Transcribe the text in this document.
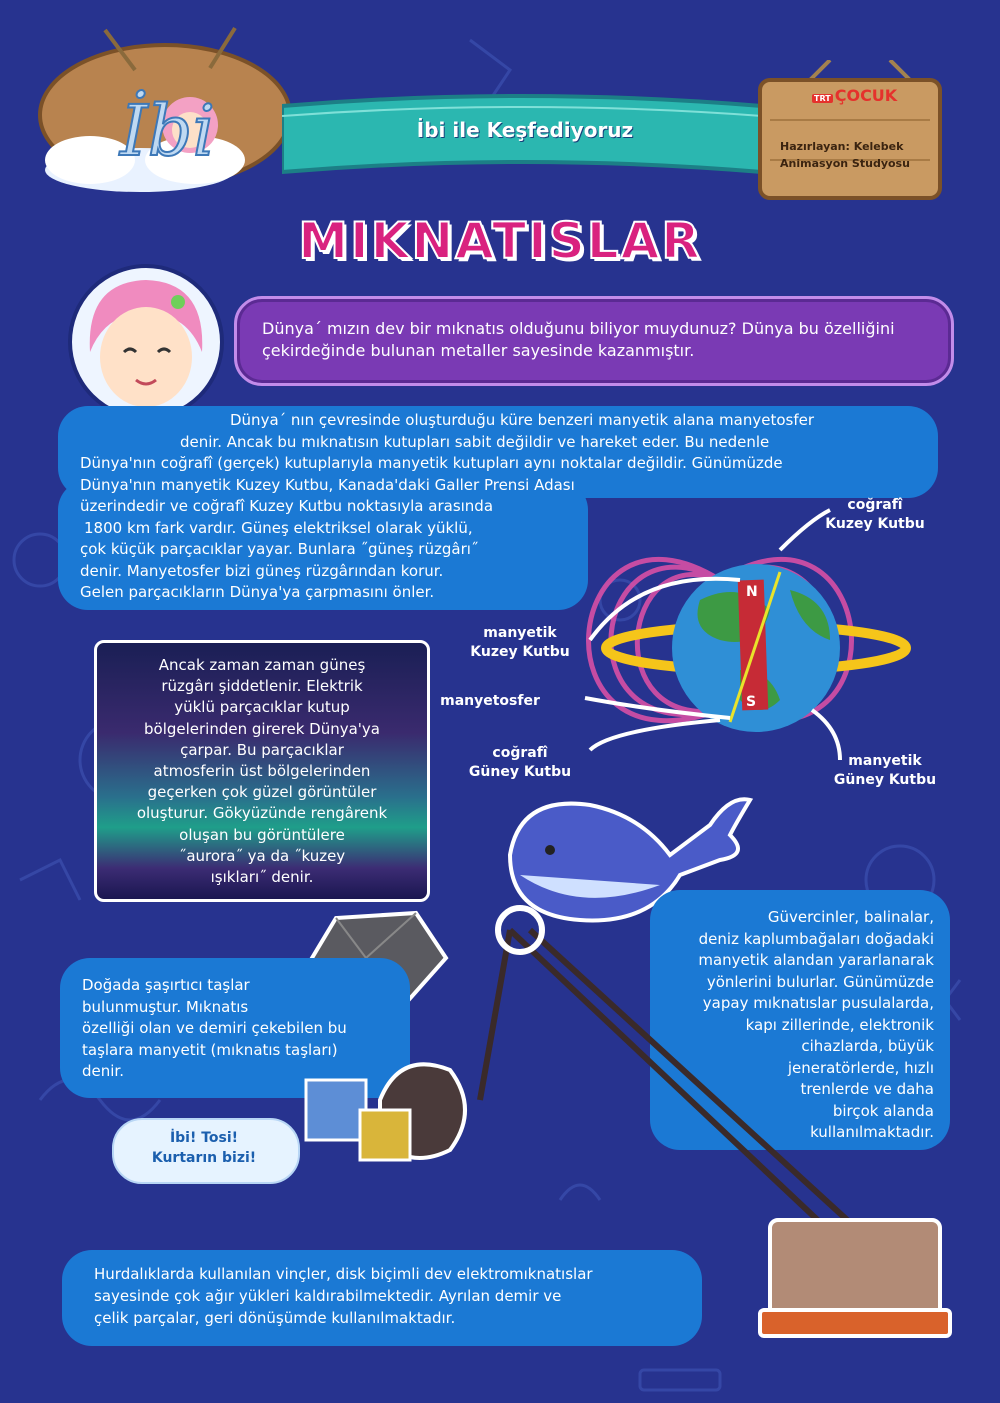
İbi	İbi ile Keşfediyoruz
TRT ÇOCUK
Hazırlayan: Kelebek
Animasyon Studyosu
MIKNATISLAR
Dünya´ mızın dev bir mıknatıs olduğunu biliyor muydunuz? Dünya bu özelliğini
çekirdeğinde bulunan metaller sayesinde kazanmıştır.
Dünya´ nın çevresinde oluşturduğu küre benzeri manyetik alana manyetosfer
denir. Ancak bu mıknatısın kutupları sabit değildir ve hareket eder. Bu nedenle
Dünya'nın coğrafî (gerçek) kutuplarıyla manyetik kutupları aynı noktalar değildir. Günümüzde
Dünya'nın manyetik Kuzey Kutbu, Kanada'daki Galler Prensi Adası
üzerindedir ve coğrafî Kuzey Kutbu noktasıyla arasında
1800 km fark vardır. Güneş elektriksel olarak yüklü,
çok küçük parçacıklar yayar. Bunlara ˝güneş rüzgârı˝
denir. Manyetosfer bizi güneş rüzgârından korur.
Gelen parçacıkların Dünya'ya çarpmasını önler.	N
S
coğrafî
Kuzey Kutbu
manyetik
Kuzey Kutbu
manyetosfer
coğrafî
Güney Kutbu
manyetik
Güney Kutbu
Ancak zaman zaman güneş
rüzgârı şiddetlenir. Elektrik
yüklü parçacıklar kutup
bölgelerinden girerek Dünya'ya
çarpar. Bu parçacıklar
atmosferin üst bölgelerinden
geçerken çok güzel görüntüler
oluşturur. Gökyüzünde rengârenk
oluşan bu görüntülere
˝aurora˝ ya da ˝kuzey
ışıkları˝ denir.
Güvercinler, balinalar,
deniz kaplumbağaları doğadaki
manyetik alandan yararlanarak
yönlerini bulurlar. Günümüzde
yapay mıknatıslar pusulalarda,
kapı zillerinde, elektronik
cihazlarda, büyük
jeneratörlerde, hızlı
trenlerde ve daha
birçok alanda
kullanılmaktadır.
Doğada şaşırtıcı taşlar
bulunmuştur. Mıknatıs
özelliği olan ve demiri çekebilen bu
taşlara manyetit (mıknatıs taşları)
denir.
İbi! Tosi!
Kurtarın bizi!
Hurdalıklarda kullanılan vinçler, disk biçimli dev elektromıknatıslar
sayesinde çok ağır yükleri kaldırabilmektedir. Ayrılan demir ve
çelik parçalar, geri dönüşümde kullanılmaktadır.
